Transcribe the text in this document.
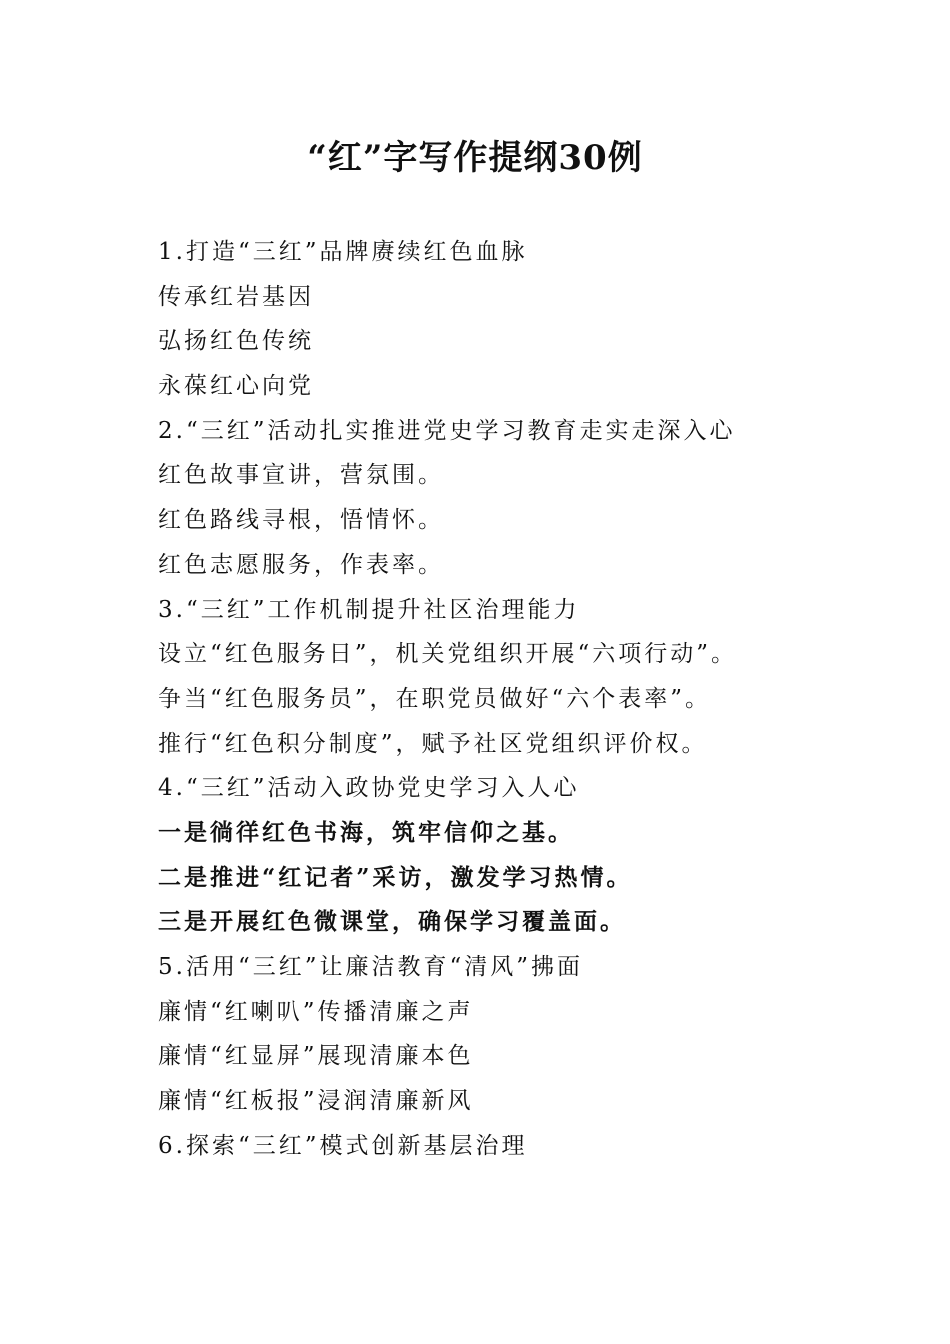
“红”字写作提纲30例
1.打造“三红”品牌赓续红色血脉
传承红岩基因
弘扬红色传统
永葆红心向党
2.“三红”活动扎实推进党史学习教育走实走深入心
红色故事宣讲，营氛围。
红色路线寻根，悟情怀。
红色志愿服务，作表率。
3.“三红”工作机制提升社区治理能力
设立“红色服务日”，机关党组织开展“六项行动”。
争当“红色服务员”，在职党员做好“六个表率”。
推行“红色积分制度”，赋予社区党组织评价权。
4.“三红”活动入政协党史学习入人心
一是徜徉红色书海，筑牢信仰之基。
二是推进“红记者”采访，激发学习热情。
三是开展红色微课堂，确保学习覆盖面。
5.活用“三红”让廉洁教育“清风”拂面
廉情“红喇叭”传播清廉之声
廉情“红显屏”展现清廉本色
廉情“红板报”浸润清廉新风
6.探索“三红”模式创新基层治理
